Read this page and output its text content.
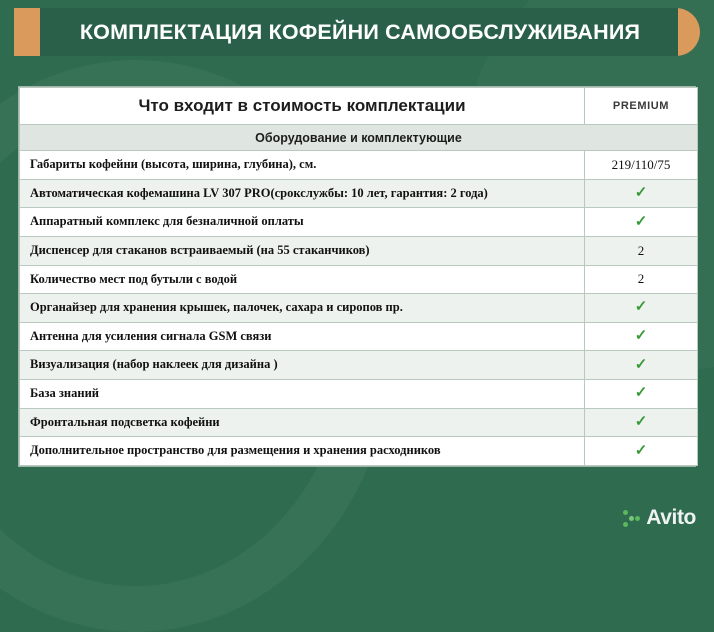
КОМПЛЕКТАЦИЯ КОФЕЙНИ САМООБСЛУЖИВАНИЯ
Что входит в стоимость комплектации	PREMIUM
Оборудование и комплектующие	
Габариты кофейни (высота, ширина, глубина), см.	219/110/75
Автоматическая кофемашина LV 307 PRO(срокслужбы: 10 лет, гарантия: 2 года)	✓
Аппаратный комплекс для безналичной оплаты	✓
Диспенсер для стаканов встраиваемый (на 55 стаканчиков)	2
Количество мест под бутыли с водой	2
Органайзер для хранения крышек, палочек, сахара и сиропов пр.	✓
Антенна для усиления сигнала GSM связи	✓
Визуализация (набор наклеек для дизайна )	✓
База знаний	✓
Фронтальная подсветка кофейни	✓
Дополнительное пространство для размещения и хранения расходников	✓
Avito
